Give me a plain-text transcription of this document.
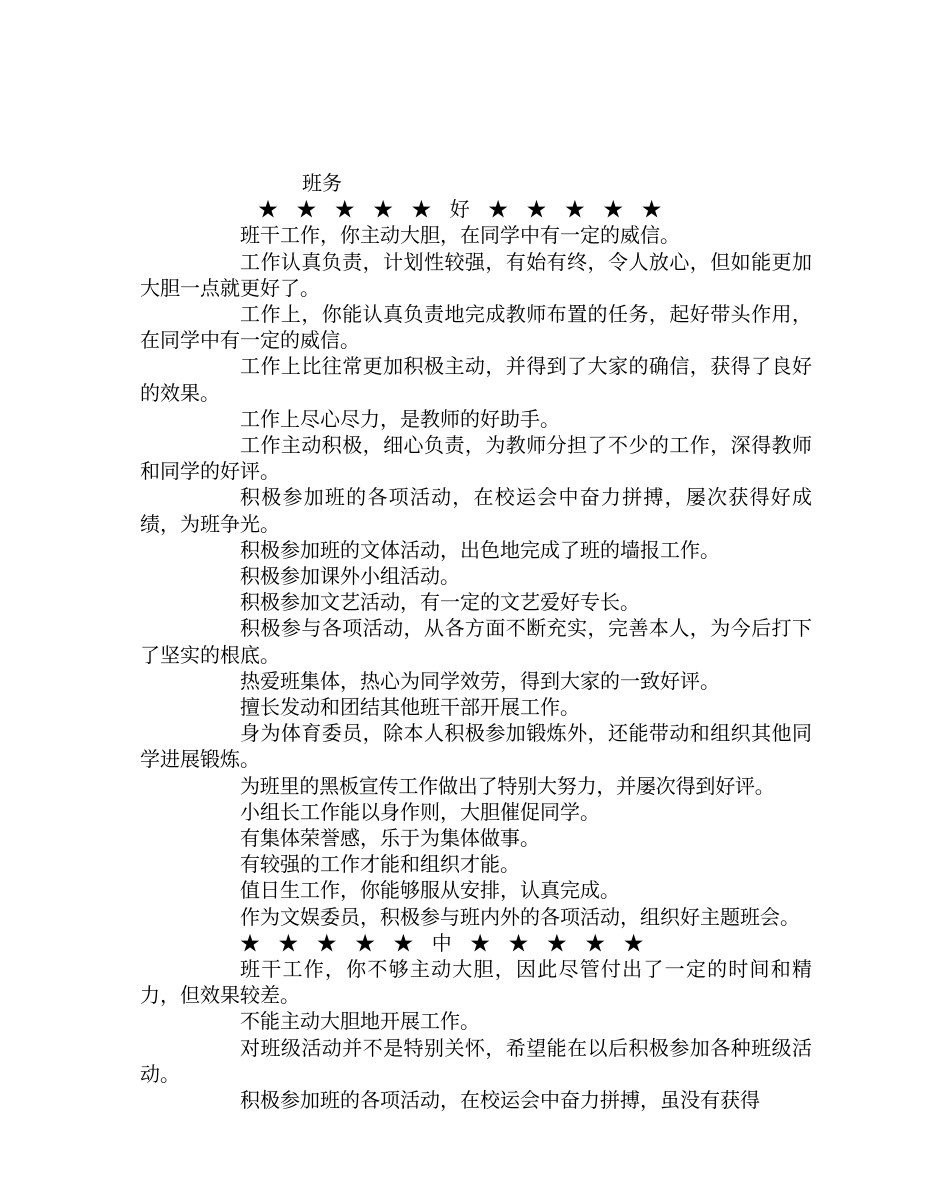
班务
★ ★ ★ ★ ★ 好 ★ ★ ★ ★ ★

班干工作，你主动大胆，在同学中有一定的威信。

工作认真负责，计划性较强，有始有终，令人放心，但如能更加大胆一点就更好了。

工作上，你能认真负责地完成教师布置的任务，起好带头作用，在同学中有一定的威信。

工作上比往常更加积极主动，并得到了大家的确信，获得了良好的效果。

工作上尽心尽力，是教师的好助手。

工作主动积极，细心负责，为教师分担了不少的工作，深得教师和同学的好评。

积极参加班的各项活动，在校运会中奋力拼搏，屡次获得好成绩，为班争光。

积极参加班的文体活动，出色地完成了班的墙报工作。

积极参加课外小组活动。

积极参加文艺活动，有一定的文艺爱好专长。

积极参与各项活动，从各方面不断充实，完善本人，为今后打下了坚实的根底。

热爱班集体，热心为同学效劳，得到大家的一致好评。

擅长发动和团结其他班干部开展工作。

身为体育委员，除本人积极参加锻炼外，还能带动和组织其他同学进展锻炼。

为班里的黑板宣传工作做出了特别大努力，并屡次得到好评。

小组长工作能以身作则，大胆催促同学。

有集体荣誉感，乐于为集体做事。

有较强的工作才能和组织才能。

值日生工作，你能够服从安排，认真完成。

作为文娱委员，积极参与班内外的各项活动，组织好主题班会。

★ ★ ★ ★ ★ 中 ★ ★ ★ ★ ★

班干工作，你不够主动大胆，因此尽管付出了一定的时间和精力，但效果较差。

不能主动大胆地开展工作。

对班级活动并不是特别关怀，希望能在以后积极参加各种班级活动。

积极参加班的各项活动，在校运会中奋力拼搏，虽没有获得
